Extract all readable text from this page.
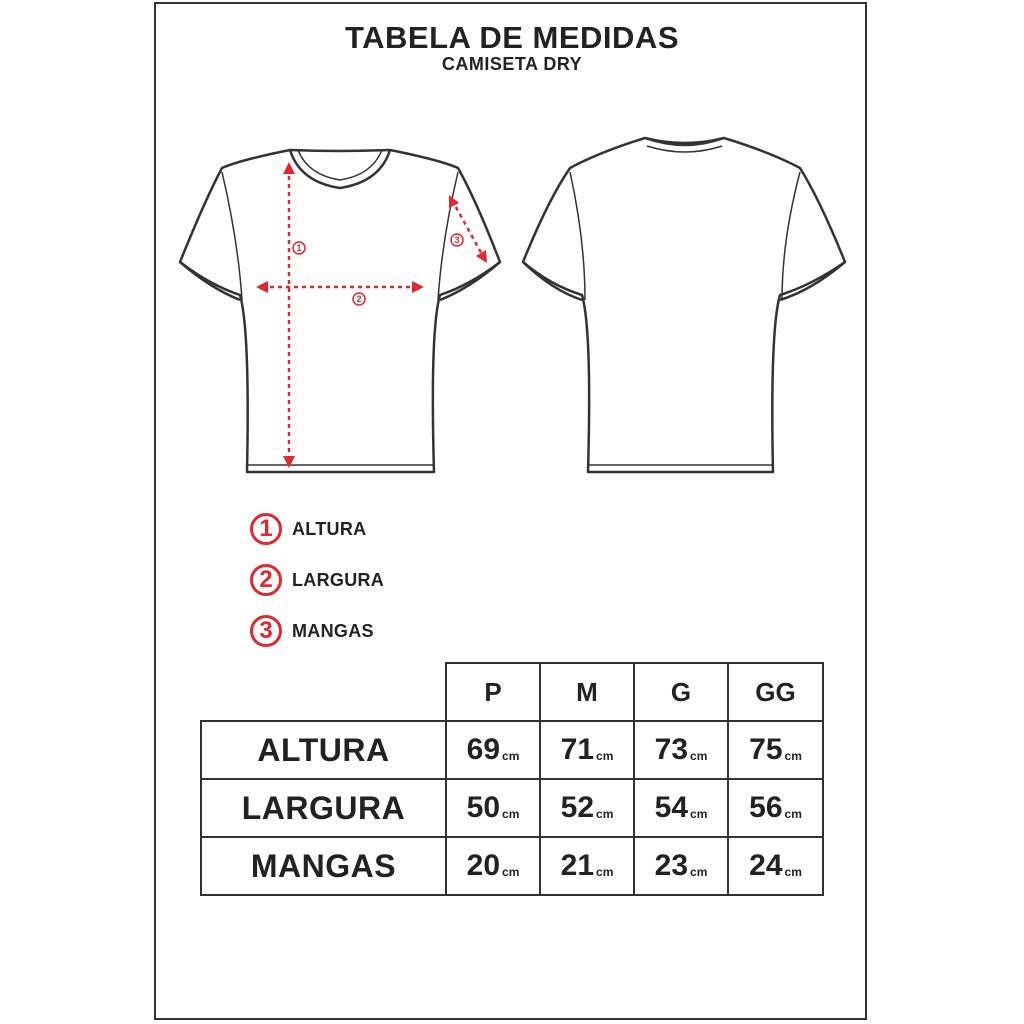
TABELA DE MEDIDAS
CAMISETA DRY
1
2
3
1	ALTURA
2	LARGURA
3	MANGAS
P	M	G	GG
ALTURA	69 cm 71 cm 73 cm 75 cm
LARGURA	50 cm 52 cm 54 cm 56 cm
MANGAS	20 cm 21 cm 23 cm 24 cm
